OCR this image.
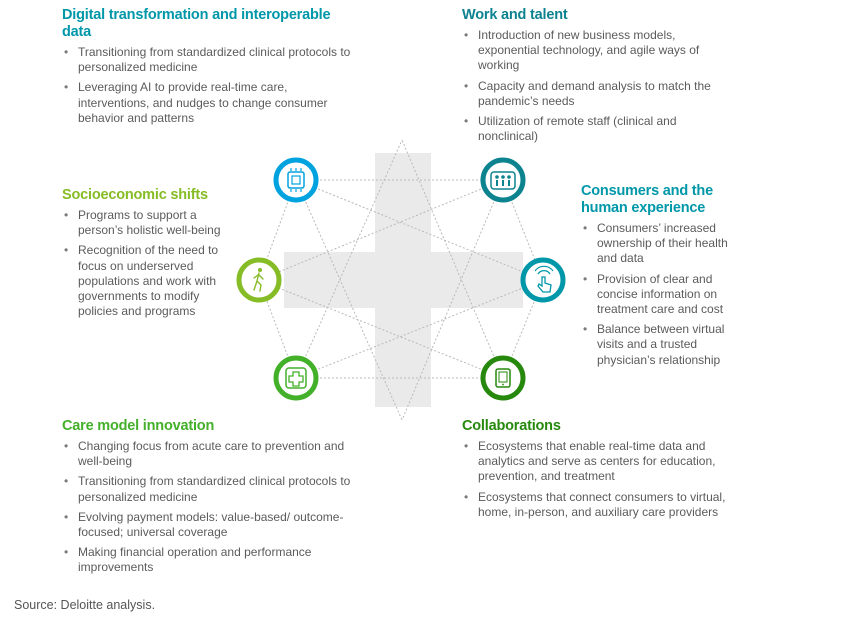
Digital transformation and interoperable data
• Transitioning from standardized clinical protocols to personalized medicine
• Leveraging AI to provide real-time care, interventions, and nudges to change consumer behavior and patterns
Work and talent
• Introduction of new business models, exponential technology, and agile ways of working
• Capacity and demand analysis to match the pandemic’s needs
• Utilization of remote staff (clinical and nonclinical)
Socioeconomic shifts
• Programs to support a person’s holistic well-being
• Recognition of the need to focus on underserved populations and work with governments to modify policies and programs
Consumers and the
human experience
• Consumers’ increased ownership of their health and data
• Provision of clear and concise information on treatment care and cost
• Balance between virtual visits and a trusted physician’s relationship
Care model innovation
• Changing focus from acute care to prevention and well-being
• Transitioning from standardized clinical protocols to personalized medicine
• Evolving payment models: value-based/ outcome-focused; universal coverage
• Making financial operation and performance improvements
Collaborations
• Ecosystems that enable real-time data and analytics and serve as centers for education, prevention, and treatment
• Ecosystems that connect consumers to virtual, home, in-person, and auxiliary care providers
Source: Deloitte analysis.
